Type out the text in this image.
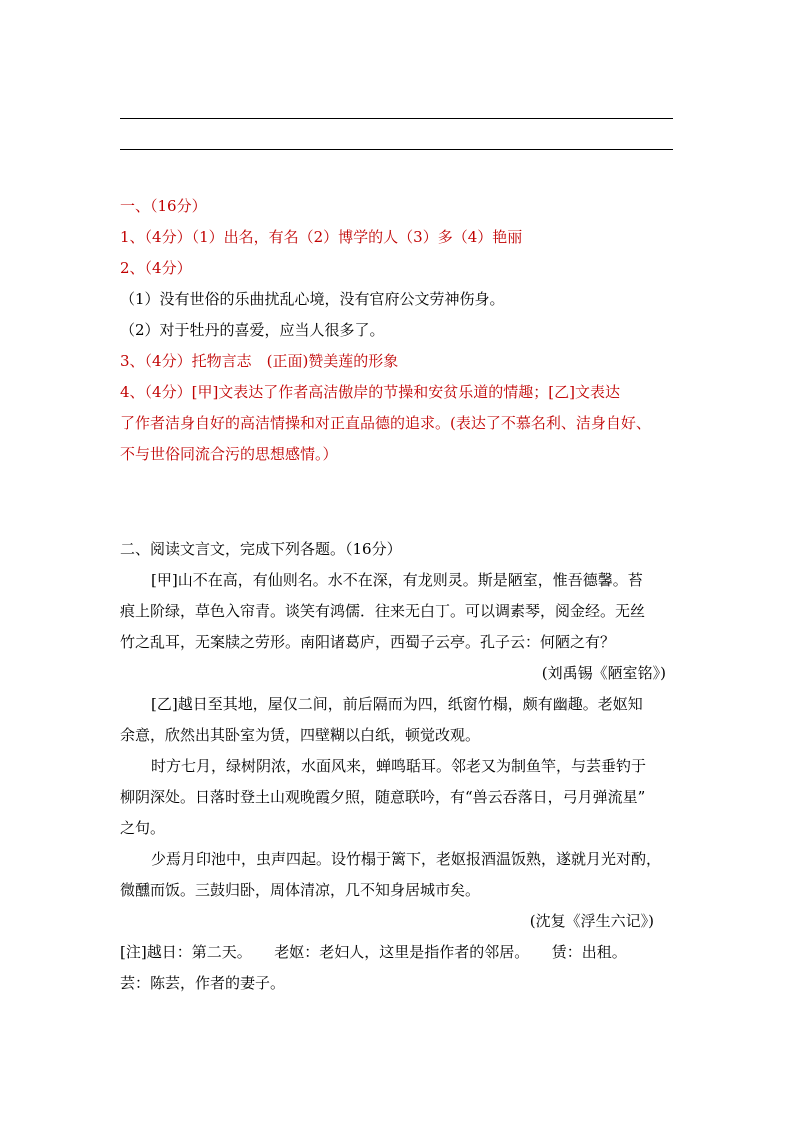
一、（16分）
1、（4分）（1）出名，有名（2）博学的人（3）多（4）艳丽
2、（4分）
（1）没有世俗的乐曲扰乱心境，没有官府公文劳神伤身。
（2）对于牡丹的喜爱，应当人很多了。
3、（4分）托物言志　(正面)赞美莲的形象
4、（4分）[甲]文表达了作者高洁傲岸的节操和安贫乐道的情趣；[乙]文表达
了作者洁身自好的高洁情操和对正直品德的追求。(表达了不慕名利、洁身自好、
不与世俗同流合污的思想感情。）
二、阅读文言文，完成下列各题。（16分）
[甲]山不在高，有仙则名。水不在深，有龙则灵。斯是陋室，惟吾德馨。苔
痕上阶绿，草色入帘青。谈笑有鸿儒．往来无白丁。可以调素琴，阅金经。无丝
竹之乱耳，无案牍之劳形。南阳诸葛庐，西蜀子云亭。孔子云：何陋之有？
(刘禹锡《陋室铭》)
[乙]越日至其地，屋仅二间，前后隔而为四，纸窗竹榻，颇有幽趣。老妪知
余意，欣然出其卧室为赁，四壁糊以白纸，顿觉改观。
时方七月，绿树阴浓，水面风来，蝉鸣聒耳。邻老又为制鱼竿，与芸垂钓于
柳阴深处。日落时登土山观晚霞夕照，随意联吟，有“兽云吞落日，弓月弹流星”
之句。
少焉月印池中，虫声四起。设竹榻于篱下，老妪报酒温饭熟，遂就月光对酌，
微醺而饭。三鼓归卧，周体清凉，几不知身居城市矣。
(沈复《浮生六记》)
[注]越日：第二天。　　老妪：老妇人，这里是指作者的邻居。　　赁：出租。
芸：陈芸，作者的妻子。
